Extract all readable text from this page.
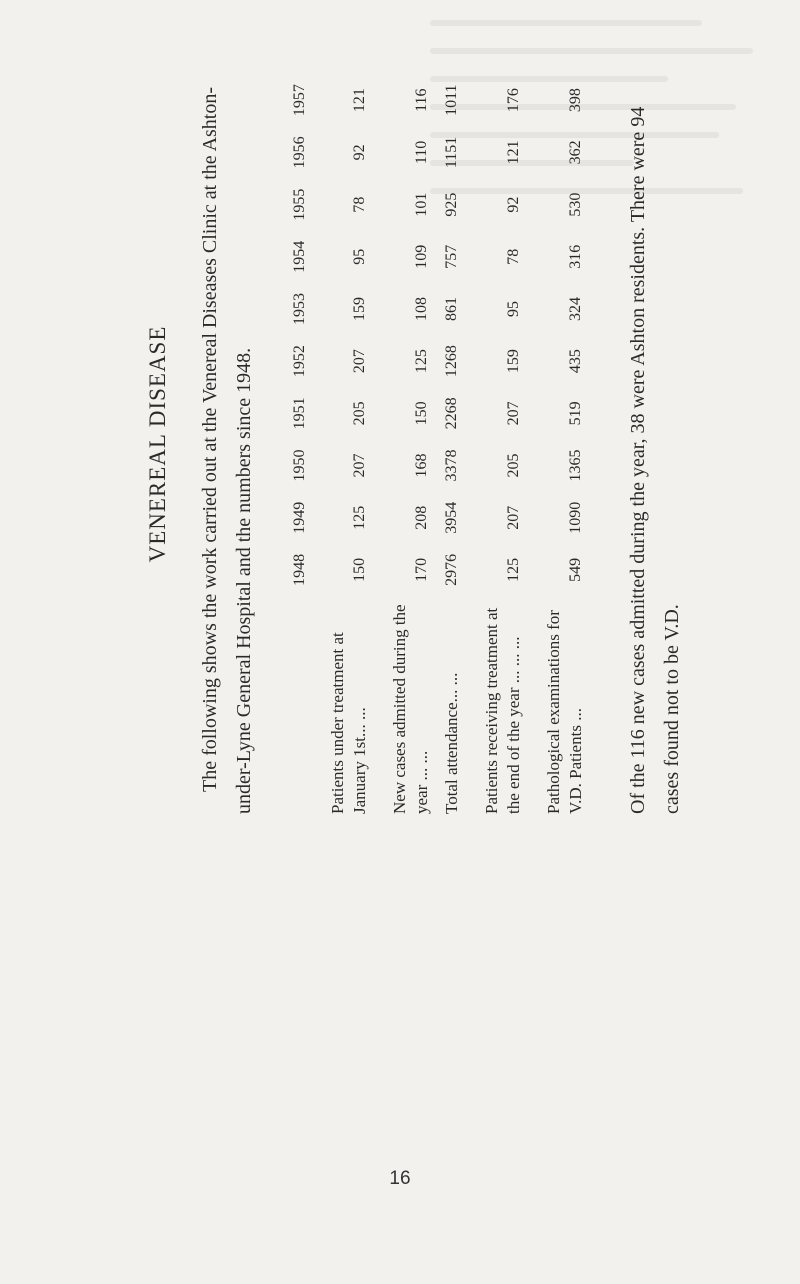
VENEREAL DISEASE	The following shows the work carried out at the Venereal Diseases Clinic at the Ashton-under-Lyne General Hospital and the numbers since 1948.

		1948	1949	1950	1951	1952	1953	1954	1955	1956	1957
Patients under treatment at January 1st... ...	150	125	207	205	207	159	95	78	92	121
New cases admitted during the year ... ...	170	208	168	150	125	108	109	101	110	116
Total attendance... ...	2976	3954	3378	2268	1268	861	757	925	1151	1011
Patients receiving treatment at the end of the year ... ... ...	125	207	205	207	159	95	78	92	121	176
Pathological examinations for V.D. Patients ...	549	1090	1365	519	435	324	316	530	362	398

Of the 116 new cases admitted during the year, 38 were Ashton residents. There were 94 cases found not to be V.D.

16
